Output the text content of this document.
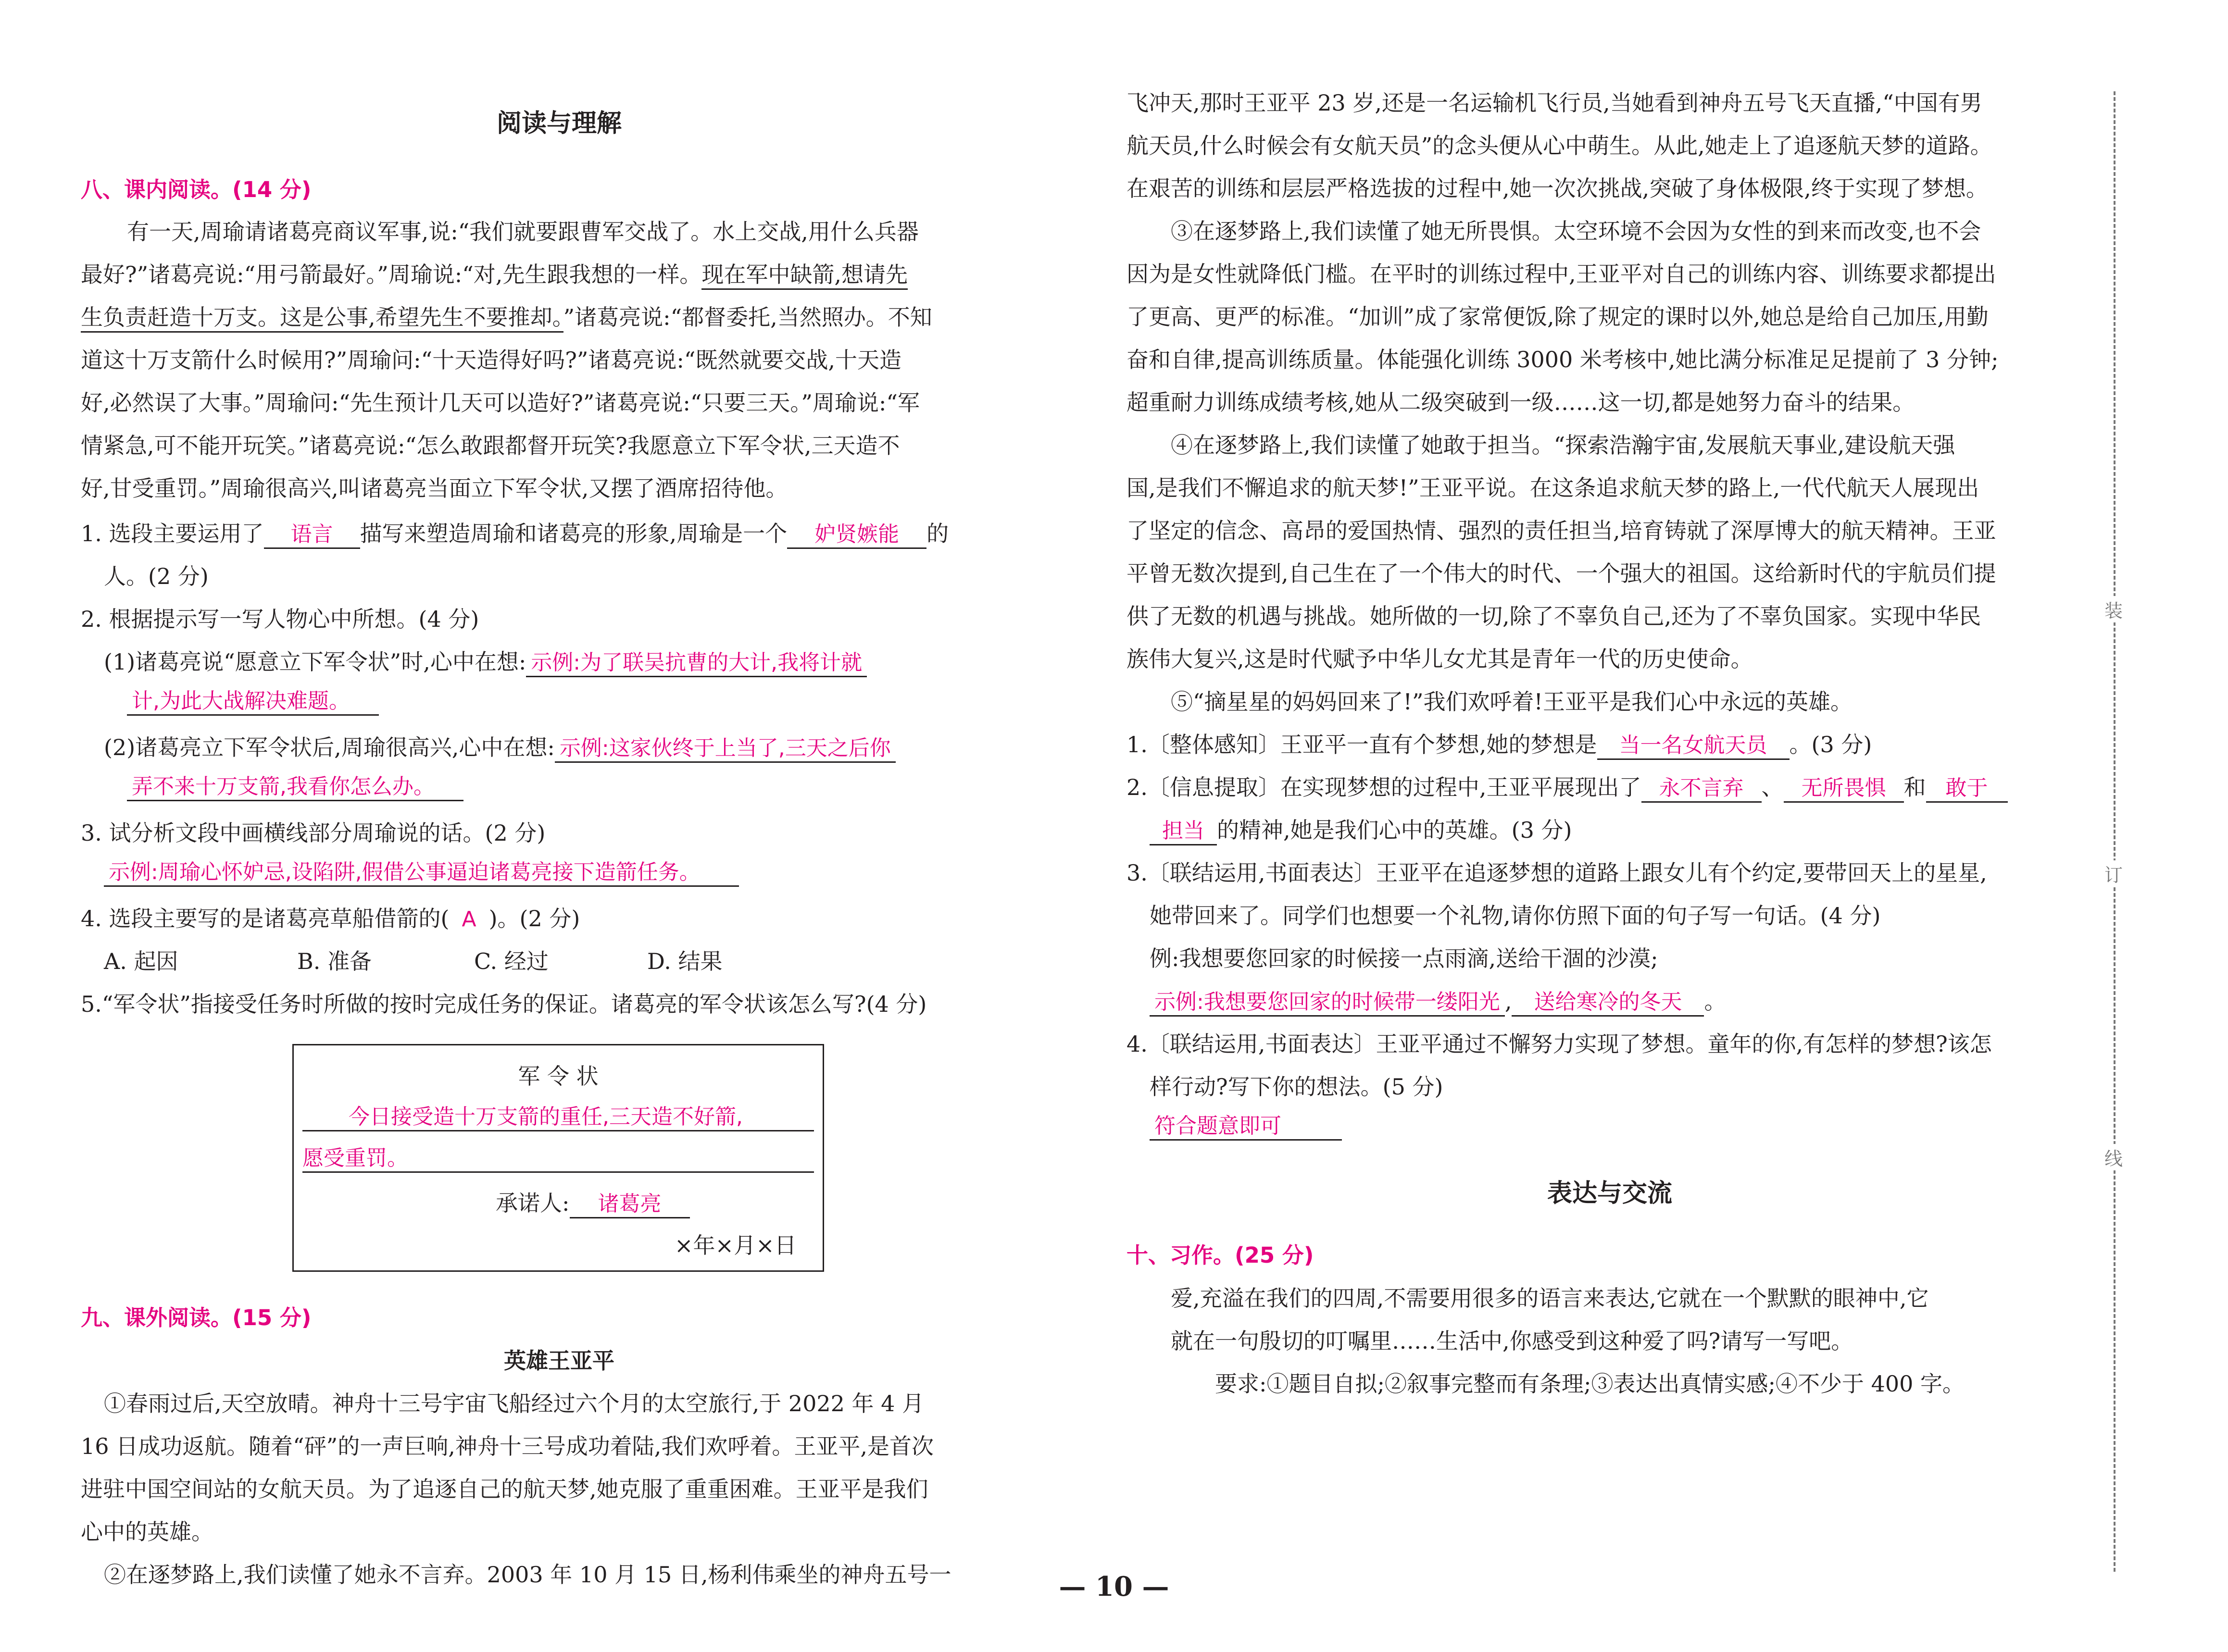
阅读与理解
八、课内阅读。(14 分)
有一天,周瑜请诸葛亮商议军事,说:“我们就要跟曹军交战了。水上交战,用什么兵器
最好?”诸葛亮说:“用弓箭最好。”周瑜说:“对,先生跟我想的一样。现在军中缺箭,想请先
生负责赶造十万支。这是公事,希望先生不要推却。”诸葛亮说:“都督委托,当然照办。不知
道这十万支箭什么时候用?”周瑜问:“十天造得好吗?”诸葛亮说:“既然就要交战,十天造
好,必然误了大事。”周瑜问:“先生预计几天可以造好?”诸葛亮说:“只要三天。”周瑜说:“军
情紧急,可不能开玩笑。”诸葛亮说:“怎么敢跟都督开玩笑?我愿意立下军令状,三天造不
好,甘受重罚。”周瑜很高兴,叫诸葛亮当面立下军令状,又摆了酒席招待他。
1. 选段主要运用了 语言 描写来塑造周瑜和诸葛亮的形象,周瑜是一个 妒贤嫉能 的
人。(2 分)
2. 根据提示写一写人物心中所想。(4 分)
(1)诸葛亮说“愿意立下军令状”时,心中在想: 示例:为了联吴抗曹的大计,我将计就
计,为此大战解决难题。
(2)诸葛亮立下军令状后,周瑜很高兴,心中在想: 示例:这家伙终于上当了,三天之后你
弄不来十万支箭,我看你怎么办。
3. 试分析文段中画横线部分周瑜说的话。(2 分)
示例:周瑜心怀妒忌,设陷阱,假借公事逼迫诸葛亮接下造箭任务。
4. 选段主要写的是诸葛亮草船借箭的( A )。(2 分)
A. 起因	B. 准备	C. 经过	D. 结果
5.“军令状”指接受任务时所做的按时完成任务的保证。诸葛亮的军令状该怎么写?(4 分)
军 令 状
今日接受造十万支箭的重任,三天造不好箭,
愿受重罚。
承诺人: 诸葛亮
×年×月×日
九、课外阅读。(15 分)
英雄王亚平
①春雨过后,天空放晴。神舟十三号宇宙飞船经过六个月的太空旅行,于 2022 年 4 月
16 日成功返航。随着“砰”的一声巨响,神舟十三号成功着陆,我们欢呼着。王亚平,是首次
进驻中国空间站的女航天员。为了追逐自己的航天梦,她克服了重重困难。王亚平是我们
心中的英雄。
②在逐梦路上,我们读懂了她永不言弃。2003 年 10 月 15 日,杨利伟乘坐的神舟五号一
飞冲天,那时王亚平 23 岁,还是一名运输机飞行员,当她看到神舟五号飞天直播,“中国有男
航天员,什么时候会有女航天员”的念头便从心中萌生。从此,她走上了追逐航天梦的道路。
在艰苦的训练和层层严格选拔的过程中,她一次次挑战,突破了身体极限,终于实现了梦想。
③在逐梦路上,我们读懂了她无所畏惧。太空环境不会因为女性的到来而改变,也不会
因为是女性就降低门槛。在平时的训练过程中,王亚平对自己的训练内容、训练要求都提出
了更高、更严的标准。“加训”成了家常便饭,除了规定的课时以外,她总是给自己加压,用勤
奋和自律,提高训练质量。体能强化训练 3000 米考核中,她比满分标准足足提前了 3 分钟;
超重耐力训练成绩考核,她从二级突破到一级……这一切,都是她努力奋斗的结果。
④在逐梦路上,我们读懂了她敢于担当。“探索浩瀚宇宙,发展航天事业,建设航天强
国,是我们不懈追求的航天梦!”王亚平说。在这条追求航天梦的路上,一代代航天人展现出
了坚定的信念、高昂的爱国热情、强烈的责任担当,培育铸就了深厚博大的航天精神。王亚
平曾无数次提到,自己生在了一个伟大的时代、一个强大的祖国。这给新时代的宇航员们提
供了无数的机遇与挑战。她所做的一切,除了不辜负自己,还为了不辜负国家。实现中华民
族伟大复兴,这是时代赋予中华儿女尤其是青年一代的历史使命。
⑤“摘星星的妈妈回来了!”我们欢呼着!王亚平是我们心中永远的英雄。
1.〔整体感知〕王亚平一直有个梦想,她的梦想是 当一名女航天员 。(3 分)
2.〔信息提取〕在实现梦想的过程中,王亚平展现出了 永不言弃 、 无所畏惧 和 敢于
担当 的精神,她是我们心中的英雄。(3 分)
3.〔联结运用,书面表达〕王亚平在追逐梦想的道路上跟女儿有个约定,要带回天上的星星,
她带回来了。同学们也想要一个礼物,请你仿照下面的句子写一句话。(4 分)
例:我想要您回家的时候接一点雨滴,送给干涸的沙漠;
示例:我想要您回家的时候带一缕阳光 , 送给寒冷的冬天 。
4.〔联结运用,书面表达〕王亚平通过不懈努力实现了梦想。童年的你,有怎样的梦想?该怎
样行动?写下你的想法。(5 分)
符合题意即可
表达与交流
十、习作。(25 分)
爱,充溢在我们的四周,不需要用很多的语言来表达,它就在一个默默的眼神中,它
就在一句殷切的叮嘱里……生活中,你感受到这种爱了吗?请写一写吧。
要求:①题目自拟;②叙事完整而有条理;③表达出真情实感;④不少于 400 字。
装
订
线
— 10 —
